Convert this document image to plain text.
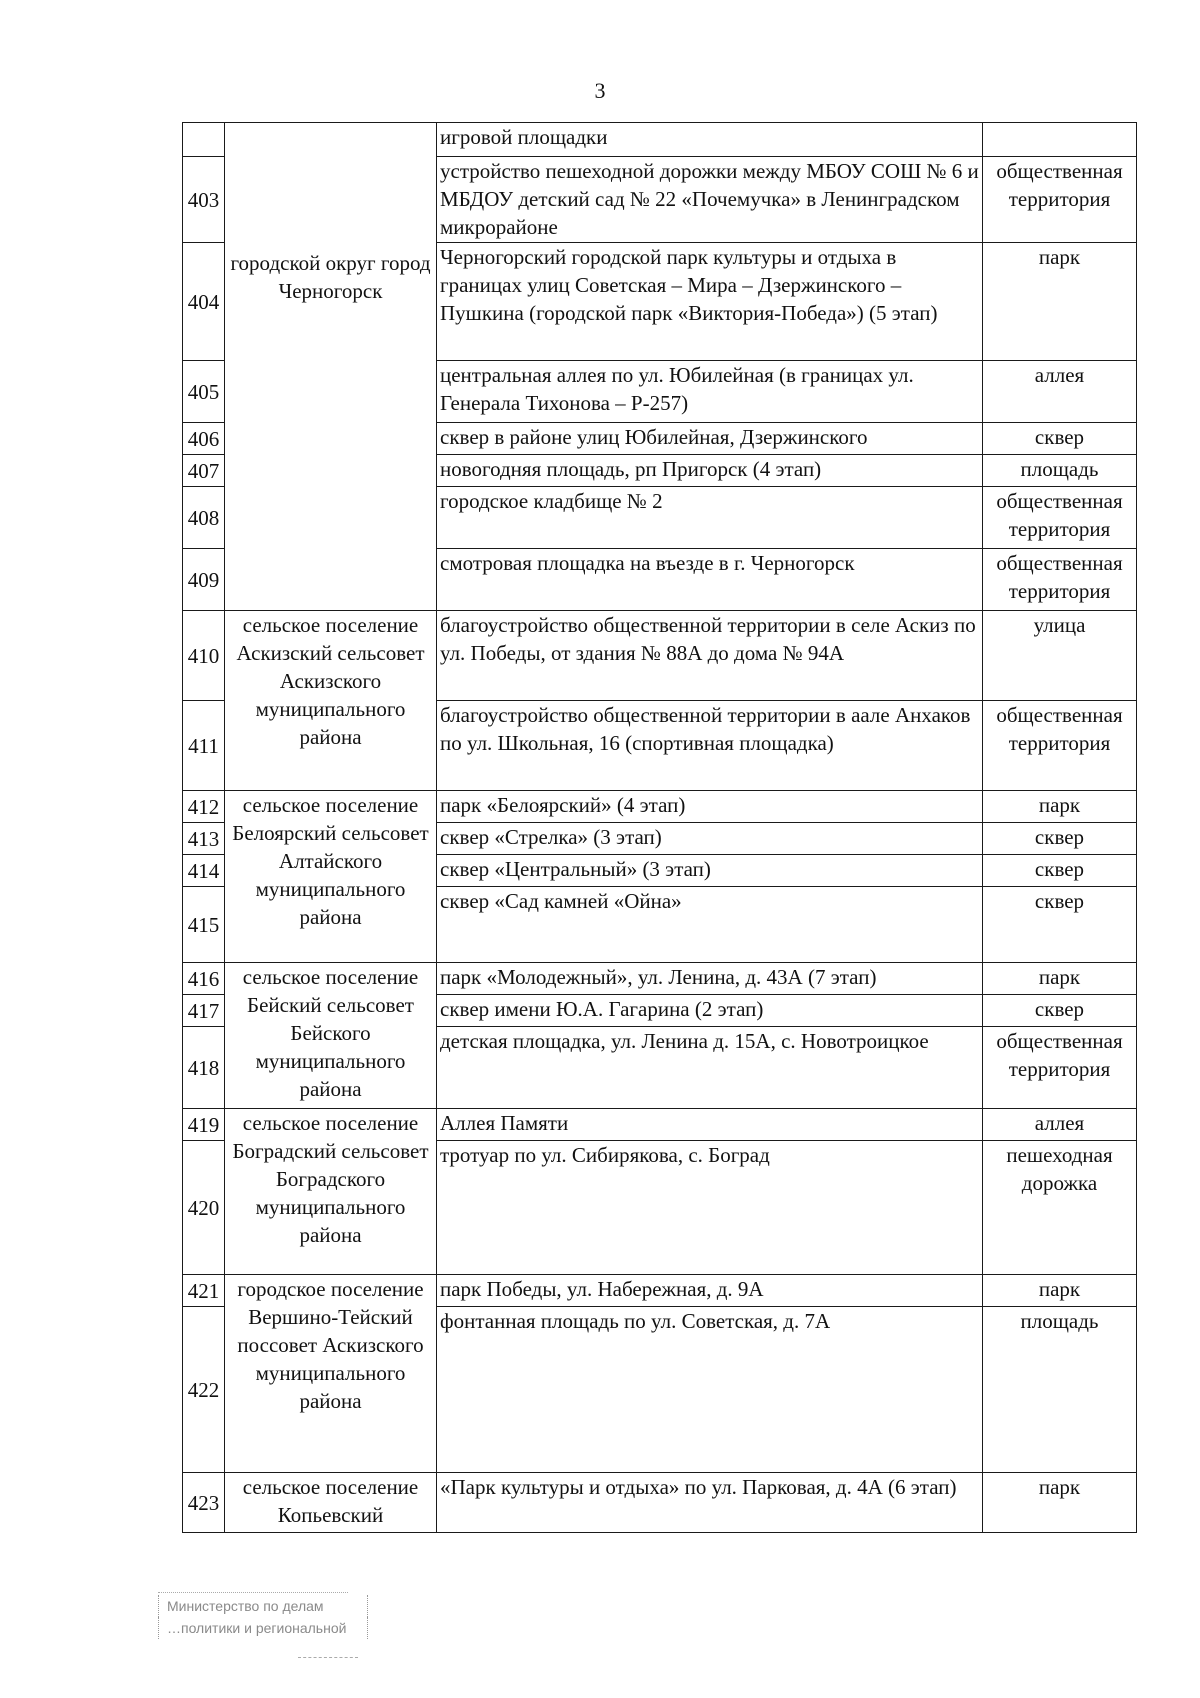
3
	городской округ город Черногорск	игровой площадки	
403		устройство пешеходной дорожки между МБОУ СОШ № 6 и МБДОУ детский сад № 22 «Почемучка» в Ленинградском микрорайоне	общественная территория
404		Черногорский городской парк культуры и отдыха в границах улиц Советская – Мира – Дзержинского – Пушкина (городской парк «Виктория-Победа») (5 этап)	парк
405		центральная аллея по ул. Юбилейная (в границах ул. Генерала Тихонова – Р-257)	аллея
406		сквер в районе улиц Юбилейная, Дзержинского	сквер
407		новогодняя площадь, рп Пригорск (4 этап)	площадь
408		городское кладбище № 2	общественная территория
409		смотровая площадка на въезде в г. Черногорск	общественная территория
410	сельское поселение Аскизский сельсовет Аскизского муниципального района	благоустройство общественной территории в селе Аскиз по ул. Победы, от здания № 88А до дома № 94А	улица
411		благоустройство общественной территории в аале Анхаков по ул. Школьная, 16 (спортивная площадка)	общественная территория
412	сельское поселение Белоярский сельсовет Алтайского муниципального района	парк «Белоярский» (4 этап)	парк
413		сквер «Стрелка» (3 этап)	сквер
414		сквер «Центральный» (3 этап)	сквер
415		сквер «Сад камней «Ойна»	сквер
416	сельское поселение Бейский сельсовет Бейского муниципального района	парк «Молодежный», ул. Ленина, д. 43А (7 этап)	парк
417		сквер имени Ю.А. Гагарина (2 этап)	сквер
418		детская площадка, ул. Ленина д. 15А, с. Новотроицкое	общественная территория
419	сельское поселение Боградский сельсовет Боградского муниципального района	Аллея Памяти	аллея
420		тротуар по ул. Сибирякова, с. Боград	пешеходная дорожка
421	городское поселение Вершино-Тейский поссовет Аскизского муниципального района	парк Победы, ул. Набережная, д. 9А	парк
422		фонтанная площадь по ул. Советская, д. 7А	площадь
423	сельское поселение Копьевский	«Парк культуры и отдыха» по ул. Парковая, д. 4А (6 этап)	парк
Министерство по делам
…политики и региональной
